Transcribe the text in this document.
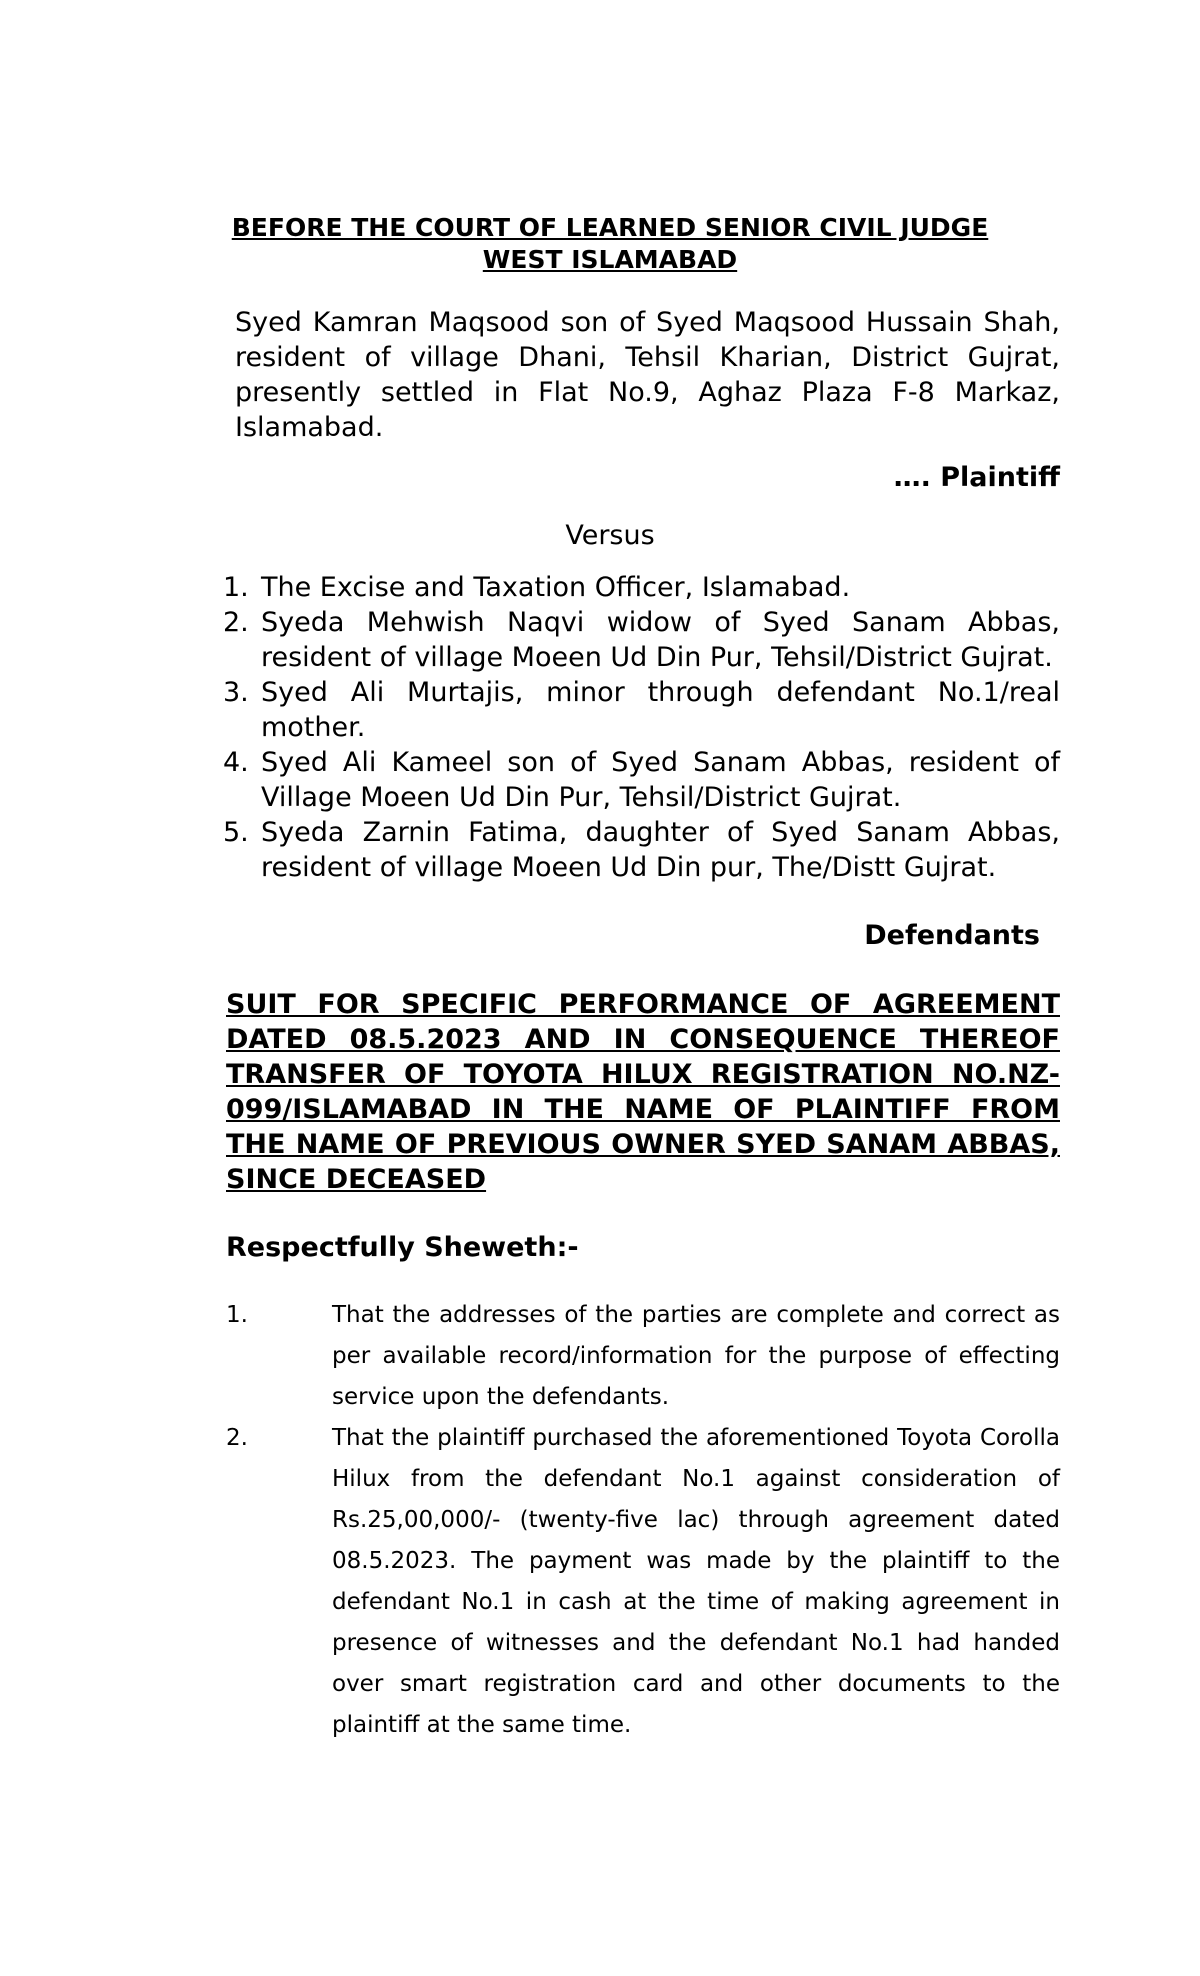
BEFORE THE COURT OF LEARNED SENIOR CIVIL JUDGE
WEST ISLAMABAD
Syed Kamran Maqsood son of Syed Maqsood Hussain Shah, resident of village Dhani, Tehsil Kharian, District Gujrat, presently settled in Flat No.9, Aghaz Plaza F-8 Markaz, Islamabad.
…. Plaintiff
Versus
1. The Excise and Taxation Officer, Islamabad.
2. Syeda Mehwish Naqvi widow of Syed Sanam Abbas, resident of village Moeen Ud Din Pur, Tehsil/District Gujrat.
3. Syed Ali Murtajis, minor through defendant No.1/real mother.
4. Syed Ali Kameel son of Syed Sanam Abbas, resident of Village Moeen Ud Din Pur, Tehsil/District Gujrat.
5. Syeda Zarnin Fatima, daughter of Syed Sanam Abbas, resident of village Moeen Ud Din pur, The/Distt Gujrat.
Defendants
SUIT FOR SPECIFIC PERFORMANCE OF AGREEMENT DATED 08.5.2023 AND IN CONSEQUENCE THEREOF TRANSFER OF TOYOTA HILUX REGISTRATION NO.NZ-099/ISLAMABAD IN THE NAME OF PLAINTIFF FROM THE NAME OF PREVIOUS OWNER SYED SANAM ABBAS, SINCE DECEASED
Respectfully Sheweth:-
1.	That the addresses of the parties are complete and correct as per available record/information for the purpose of effecting service upon the defendants.
2.	That the plaintiff purchased the aforementioned Toyota Corolla Hilux from the defendant No.1 against consideration of Rs.25,00,000/- (twenty-five lac) through agreement dated 08.5.2023. The payment was made by the plaintiff to the defendant No.1 in cash at the time of making agreement in presence of witnesses and the defendant No.1 had handed over smart registration card and other documents to the plaintiff at the same time.
